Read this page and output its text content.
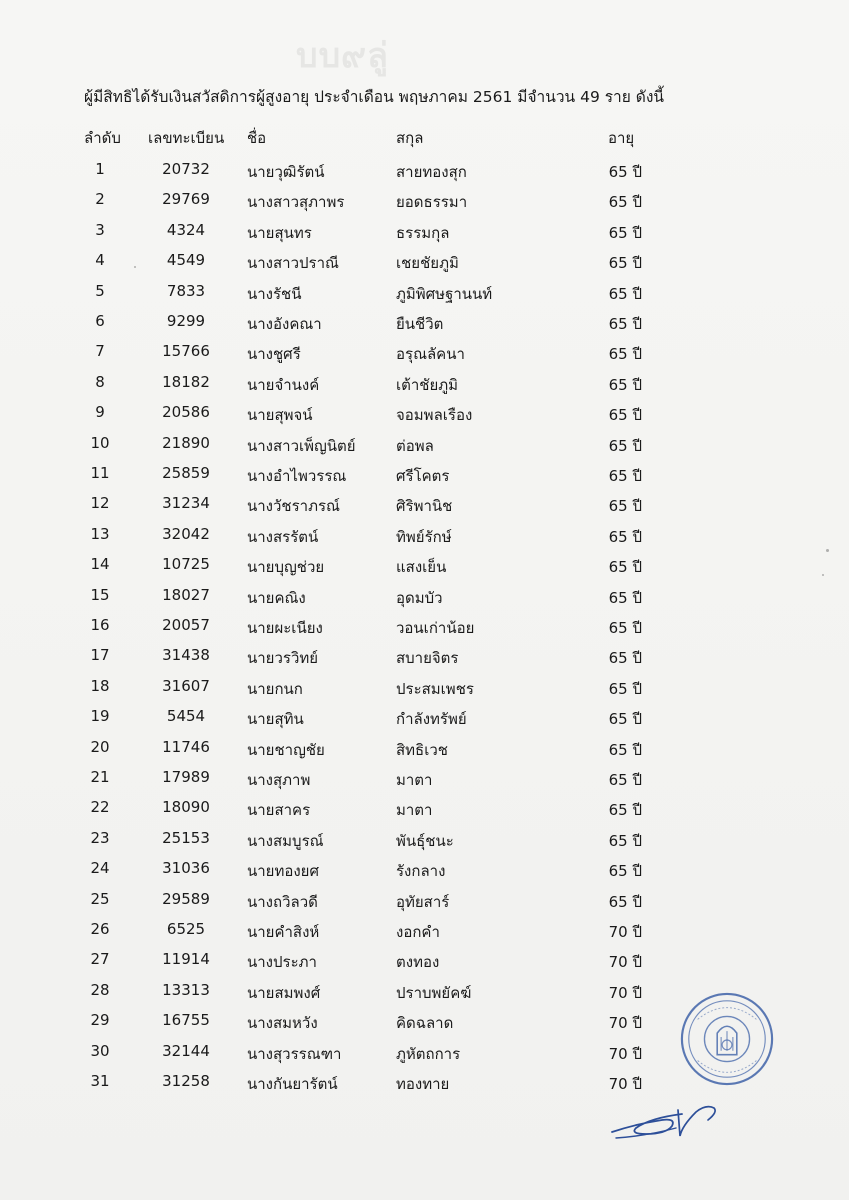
บบ๙ลู่
ผู้มีสิทธิได้รับเงินสวัสดิการผู้สูงอายุ ประจำเดือน พฤษภาคม 2561 มีจำนวน 49 ราย ดังนี้
ลำดับ เลขทะเบียน ชื่อ	สกุล	อายุ
1	20732	นายวุฒิรัตน์	สายทองสุก	65 ปี
2	29769	นางสาวสุภาพร	ยอดธรรมา	65 ปี
3	4324	นายสุนทร	ธรรมกุล	65 ปี
4	4549	นางสาวปราณี	เชยชัยภูมิ	65 ปี
5	7833	นางรัชนี	ภูมิพิศษฐานนท์	65 ปี
6	9299	นางอังคณา	ยืนชีวิต	65 ปี
7	15766	นางชูศรี	อรุณลัคนา	65 ปี
8	18182	นายจำนงค์	เต้าชัยภูมิ	65 ปี
9	20586	นายสุพจน์	จอมพลเรือง	65 ปี
10	21890	นางสาวเพ็ญนิตย์	ต่อพล	65 ปี
11	25859	นางอำไพวรรณ	ศรีโคตร	65 ปี
12	31234	นางวัชราภรณ์	ศิริพานิช	65 ปี
13	32042	นางสรรัตน์	ทิพย์รักษ์	65 ปี
14	10725	นายบุญช่วย	แสงเย็น	65 ปี
15	18027	นายคณิง	อุดมบัว	65 ปี
16	20057	นายผะเนียง	วอนเก่าน้อย	65 ปี
17	31438	นายวรวิทย์	สบายจิตร	65 ปี
18	31607	นายกนก	ประสมเพชร	65 ปี
19	5454	นายสุทิน	กำลังทรัพย์	65 ปี
20	11746	นายชาญชัย	สิทธิเวช	65 ปี
21	17989	นางสุภาพ	มาตา	65 ปี
22	18090	นายสาคร	มาตา	65 ปี
23	25153	นางสมบูรณ์	พันธุ์ชนะ	65 ปี
24	31036	นายทองยศ	รังกลาง	65 ปี
25	29589	นางถวิลวดี	อุทัยสาร์	65 ปี
26	6525	นายคำสิงห์	งอกคำ	70 ปี
27	11914	นางประภา	ตงทอง	70 ปี
28	13313	นายสมพงศ์	ปราบพยัคฆ์	70 ปี
29	16755	นางสมหวัง	คิดฉลาด	70 ปี
30	32144	นางสุวรรณฑา	ภูหัตถการ	70 ปี
31	31258	นางกันยารัตน์	ทองทาย	70 ปี
